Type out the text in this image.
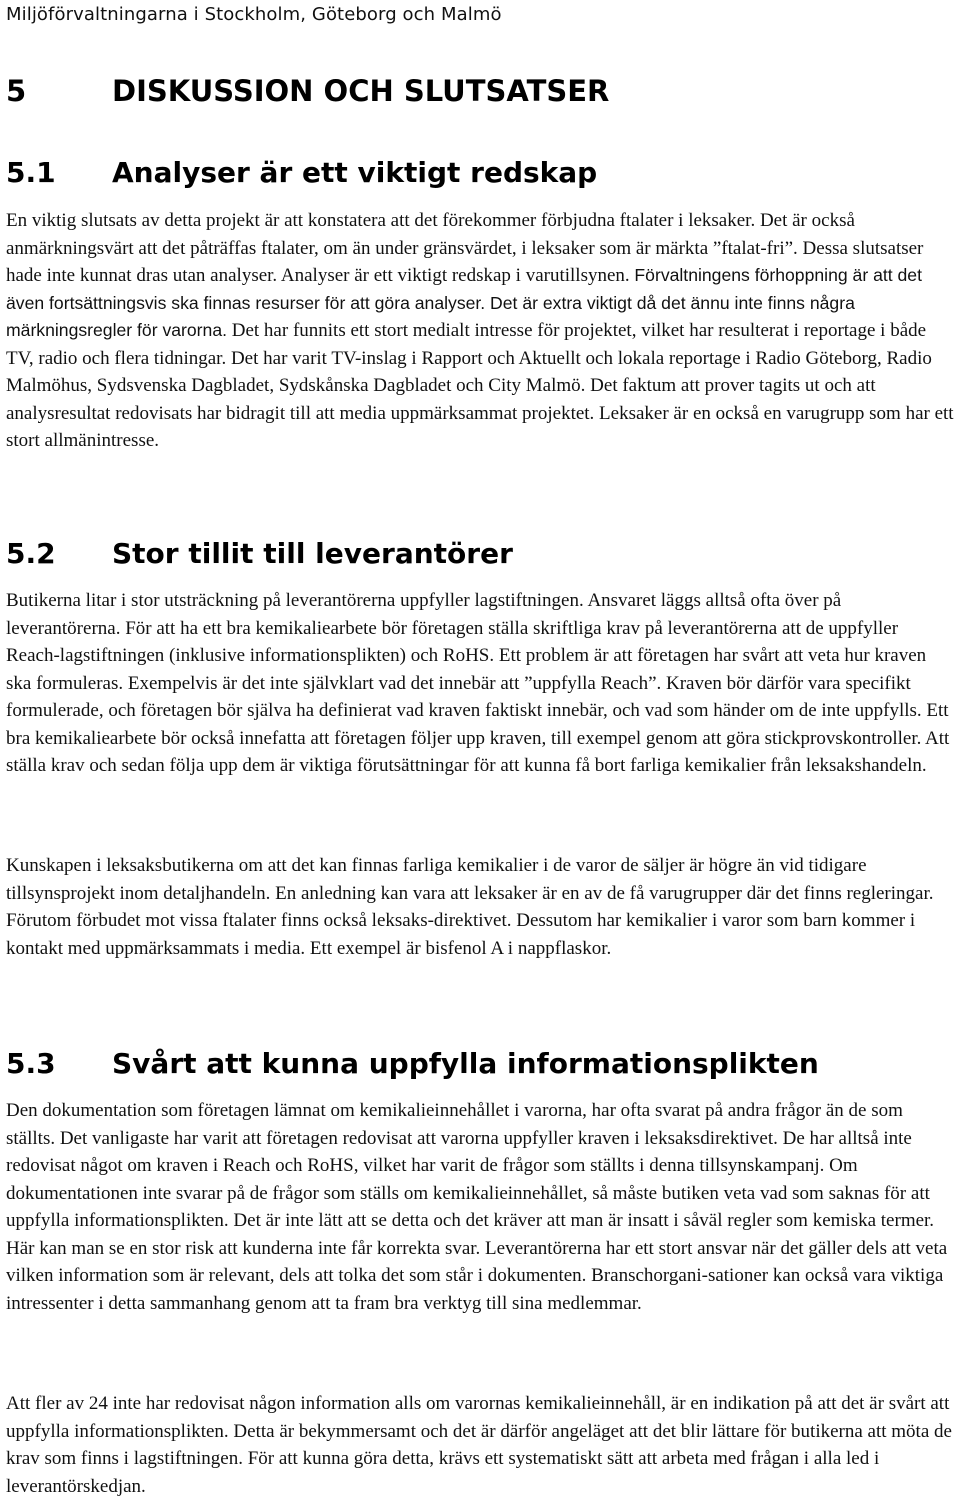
Miljöförvaltningarna i Stockholm, Göteborg och Malmö
5	DISKUSSION OCH SLUTSATSER
5.1 Analyser är ett viktigt redskap

En viktig slutsats av detta projekt är att konstatera att det förekommer förbjudna ftalater i leksaker. Det är också anmärkningsvärt att det påträffas ftalater, om än under gränsvärdet, i leksaker som är märkta ”ftalat-fri”. Dessa slutsatser hade inte kunnat dras utan analyser. Analyser är ett viktigt redskap i varutillsynen. Förvaltningens förhoppning är att det även fortsättningsvis ska finnas resurser för att göra analyser. Det är extra viktigt då det ännu inte finns några märkningsregler för varorna. Det har funnits ett stort medialt intresse för projektet, vilket har resulterat i reportage i både TV, radio och flera tidningar. Det har varit TV-inslag i Rapport och Aktuellt och lokala reportage i Radio Göteborg, Radio Malmöhus, Sydsvenska Dagbladet, Sydskånska Dagbladet och City Malmö. Det faktum att prover tagits ut och att analysresultat redovisats har bidragit till att media uppmärksammat projektet. Leksaker är en också en varugrupp som har ett stort allmänintresse.

5.2 Stor tillit till leverantörer

Butikerna litar i stor utsträckning på leverantörerna uppfyller lagstiftningen. Ansvaret läggs alltså ofta över på leverantörerna. För att ha ett bra kemikaliearbete bör företagen ställa skriftliga krav på leverantörerna att de uppfyller Reach-lagstiftningen (inklusive informationsplikten) och RoHS. Ett problem är att företagen har svårt att veta hur kraven ska formuleras. Exempelvis är det inte självklart vad det innebär att ”uppfylla Reach”. Kraven bör därför vara specifikt formulerade, och företagen bör själva ha definierat vad kraven faktiskt innebär, och vad som händer om de inte uppfylls. Ett bra kemikaliearbete bör också innefatta att företagen följer upp kraven, till exempel genom att göra stickprovskontroller. Att ställa krav och sedan följa upp dem är viktiga förutsättningar för att kunna få bort farliga kemikalier från leksakshandeln.

Kunskapen i leksaksbutikerna om att det kan finnas farliga kemikalier i de varor de säljer är högre än vid tidigare tillsynsprojekt inom detaljhandeln. En anledning kan vara att leksaker är en av de få varugrupper där det finns regleringar. Förutom förbudet mot vissa ftalater finns också leksaks-direktivet. Dessutom har kemikalier i varor som barn kommer i kontakt med uppmärksammats i media. Ett exempel är bisfenol A i nappflaskor.

5.3 Svårt att kunna uppfylla informationsplikten

Den dokumentation som företagen lämnat om kemikalieinnehållet i varorna, har ofta svarat på andra frågor än de som ställts. Det vanligaste har varit att företagen redovisat att varorna uppfyller kraven i leksaksdirektivet. De har alltså inte redovisat något om kraven i Reach och RoHS, vilket har varit de frågor som ställts i denna tillsynskampanj. Om dokumentationen inte svarar på de frågor som ställs om kemikalieinnehållet, så måste butiken veta vad som saknas för att uppfylla informationsplikten. Det är inte lätt att se detta och det kräver att man är insatt i såväl regler som kemiska termer. Här kan man se en stor risk att kunderna inte får korrekta svar. Leverantörerna har ett stort ansvar när det gäller dels att veta vilken information som är relevant, dels att tolka det som står i dokumenten. Branschorgani-sationer kan också vara viktiga intressenter i detta sammanhang genom att ta fram bra verktyg till sina medlemmar.

Att fler av 24 inte har redovisat någon information alls om varornas kemikalieinnehåll, är en indikation på att det är svårt att uppfylla informationsplikten. Detta är bekymmersamt och det är därför angeläget att det blir lättare för butikerna att möta de krav som finns i lagstiftningen. För att kunna göra detta, krävs ett systematiskt sätt att arbeta med frågan i alla led i leverantörskedjan.
